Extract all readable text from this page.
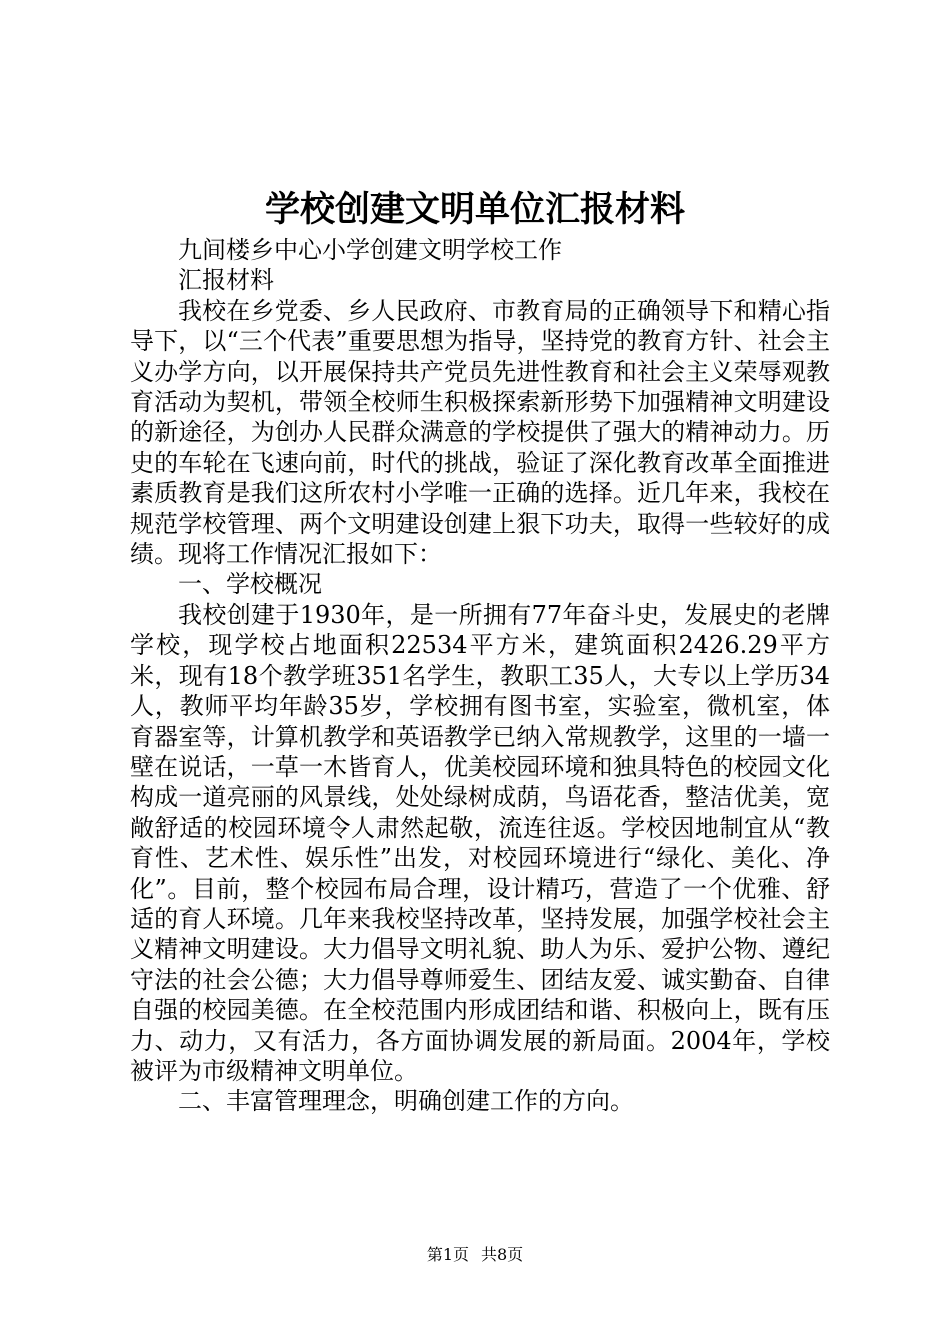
学校创建文明单位汇报材料

九间楼乡中心小学创建文明学校工作

汇报材料

我校在乡党委、乡人民政府、市教育局的正确领导下和精心指导下，以“三个代表”重要思想为指导，坚持党的教育方针、社会主义办学方向，以开展保持共产党员先进性教育和社会主义荣辱观教育活动为契机，带领全校师生积极探索新形势下加强精神文明建设的新途径，为创办人民群众满意的学校提供了强大的精神动力。历史的车轮在飞速向前，时代的挑战，验证了深化教育改革全面推进素质教育是我们这所农村小学唯一正确的选择。近几年来，我校在规范学校管理、两个文明建设创建上狠下功夫，取得一些较好的成绩。现将工作情况汇报如下：

一、学校概况

我校创建于1930年，是一所拥有77年奋斗史，发展史的老牌学校，现学校占地面积22534平方米，建筑面积2426.29平方米，现有18个教学班351名学生，教职工35人，大专以上学历34人，教师平均年龄35岁，学校拥有图书室，实验室，微机室，体育器室等，计算机教学和英语教学已纳入常规教学，这里的一墙一壁在说话，一草一木皆育人，优美校园环境和独具特色的校园文化构成一道亮丽的风景线，处处绿树成荫，鸟语花香，整洁优美，宽敞舒适的校园环境令人肃然起敬，流连往返。学校因地制宜从“教育性、艺术性、娱乐性”出发，对校园环境进行“绿化、美化、净化”。目前，整个校园布局合理，设计精巧，营造了一个优雅、舒适的育人环境。几年来我校坚持改革，坚持发展，加强学校社会主义精神文明建设。大力倡导文明礼貌、助人为乐、爱护公物、遵纪守法的社会公德；大力倡导尊师爱生、团结友爱、诚实勤奋、自律自强的校园美德。在全校范围内形成团结和谐、积极向上，既有压力、动力，又有活力，各方面协调发展的新局面。2004年，学校被评为市级精神文明单位。

二、丰富管理理念，明确创建工作的方向。

第1页 共8页
